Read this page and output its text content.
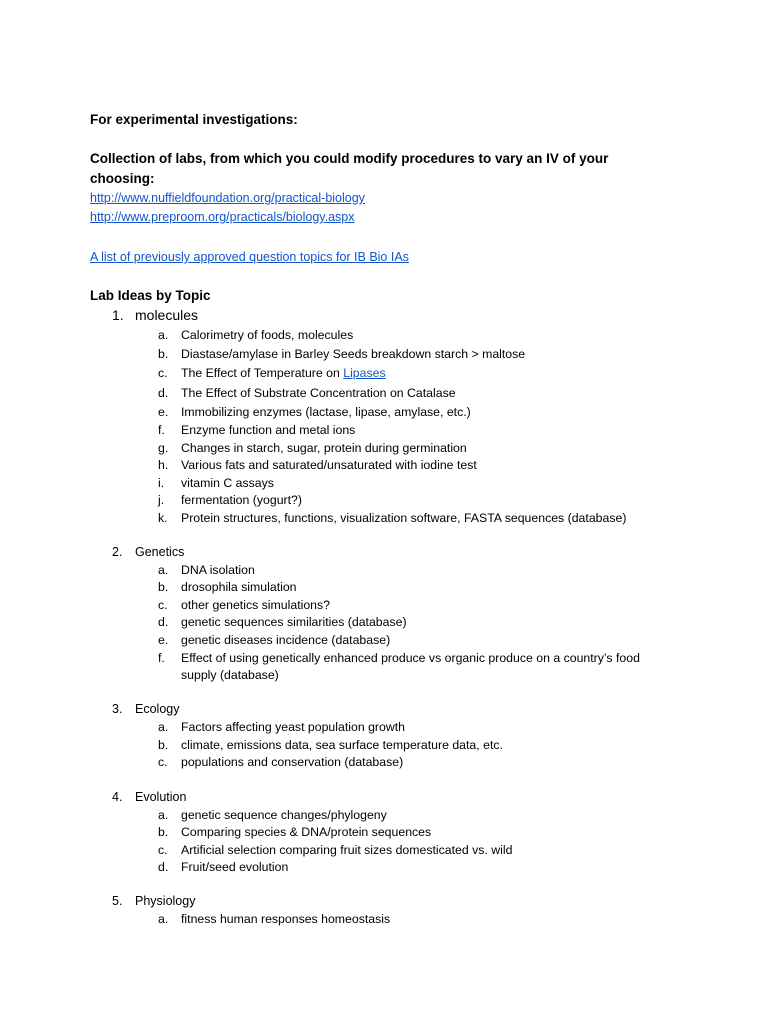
For experimental investigations:
Collection of labs, from which you could modify procedures to vary an IV of your
choosing:
http://www.nuffieldfoundation.org/practical-biology
http://www.preproom.org/practicals/biology.aspx
A list of previously approved question topics for IB Bio IAs
Lab Ideas by Topic
1. molecules
a. Calorimetry of foods, molecules
b. Diastase/amylase in Barley Seeds breakdown starch > maltose
c. The Effect of Temperature on Lipases
d. The Effect of Substrate Concentration on Catalase
e. Immobilizing enzymes (lactase, lipase, amylase, etc.)
f. Enzyme function and metal ions
g. Changes in starch, sugar, protein during germination
h. Various fats and saturated/unsaturated with iodine test
i. vitamin C assays
j. fermentation (yogurt?)
k. Protein structures, functions, visualization software, FASTA sequences (database)
2. Genetics
a. DNA isolation
b. drosophila simulation
c. other genetics simulations?
d. genetic sequences similarities (database)
e. genetic diseases incidence (database)
f. Effect of using genetically enhanced produce vs organic produce on a country’s food
supply (database)
3. Ecology
a. Factors affecting yeast population growth
b. climate, emissions data, sea surface temperature data, etc.
c. populations and conservation (database)
4. Evolution
a. genetic sequence changes/phylogeny
b. Comparing species & DNA/protein sequences
c. Artificial selection comparing fruit sizes domesticated vs. wild
d. Fruit/seed evolution
5. Physiology
a. fitness human responses homeostasis
